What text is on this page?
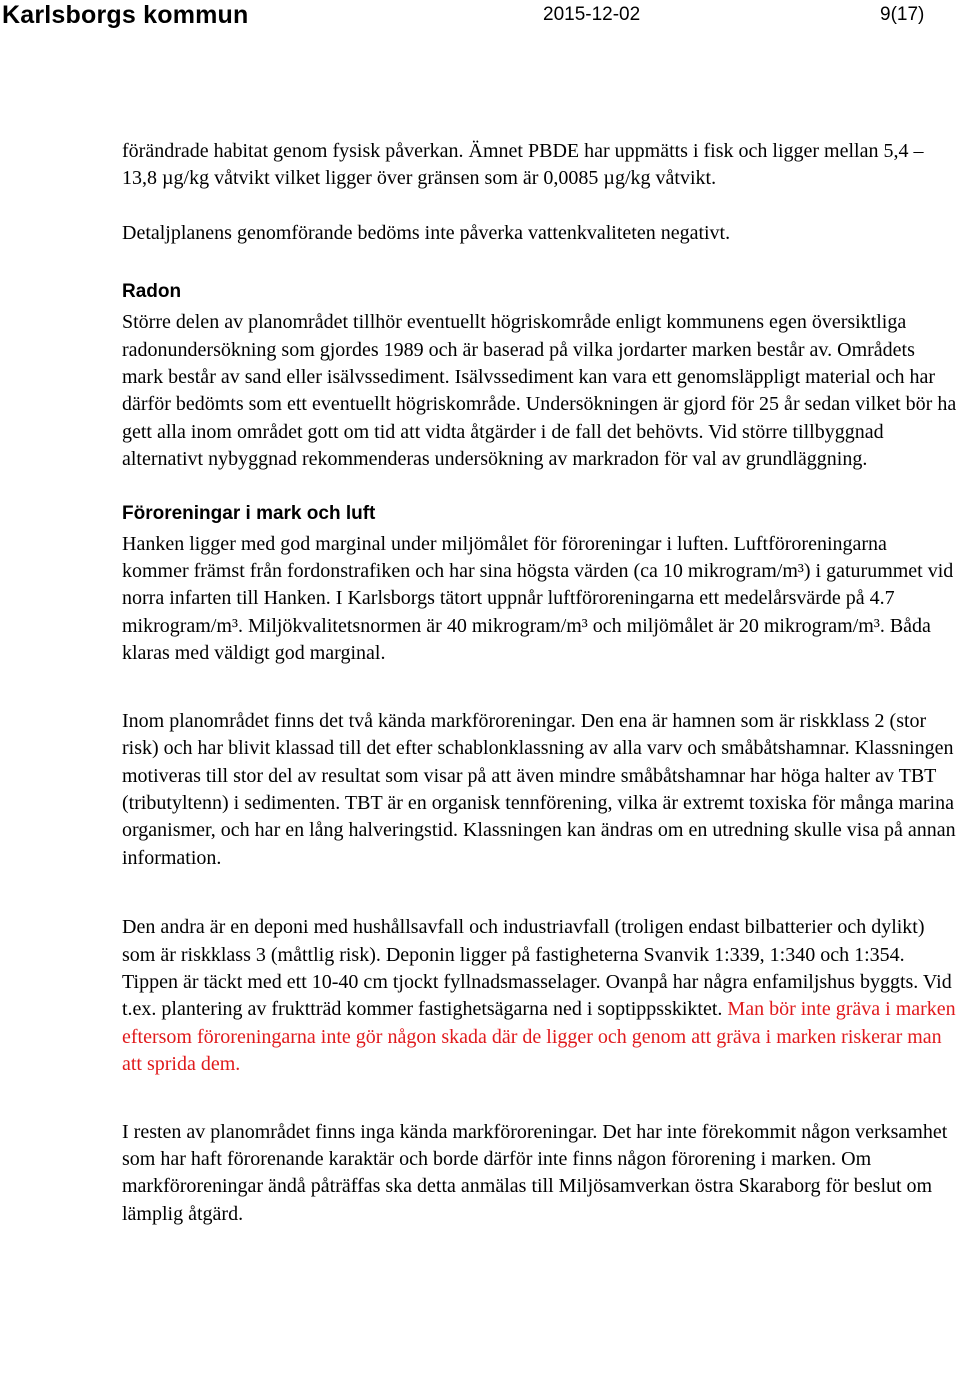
Karlsborgs kommun	2015-12-02	9(17)

förändrade habitat genom fysisk påverkan. Ämnet PBDE har uppmätts i fisk och ligger mellan 5,4 – 13,8 µg/kg våtvikt vilket ligger över gränsen som är 0,0085 µg/kg våtvikt.

Detaljplanens genomförande bedöms inte påverka vattenkvaliteten negativt.

Radon

Större delen av planområdet tillhör eventuellt högriskområde enligt kommunens egen översiktliga radonundersökning som gjordes 1989 och är baserad på vilka jordarter marken består av. Områdets mark består av sand eller isälvssediment. Isälvssediment kan vara ett genomsläppligt material och har därför bedömts som ett eventuellt högriskområde. Undersökningen är gjord för 25 år sedan vilket bör ha gett alla inom området gott om tid att vidta åtgärder i de fall det behövts. Vid större tillbyggnad alternativt nybyggnad rekommenderas undersökning av markradon för val av grundläggning.

Föroreningar i mark och luft

Hanken ligger med god marginal under miljömålet för föroreningar i luften. Luftföroreningarna kommer främst från fordonstrafiken och har sina högsta värden (ca 10 mikrogram/m³) i gaturummet vid norra infarten till Hanken. I Karlsborgs tätort uppnår luftföroreningarna ett medelårsvärde på 4.7 mikrogram/m³. Miljökvalitetsnormen är 40 mikrogram/m³ och miljömålet är 20 mikrogram/m³. Båda klaras med väldigt god marginal.

Inom planområdet finns det två kända markföroreningar. Den ena är hamnen som är riskklass 2 (stor risk) och har blivit klassad till det efter schablonklassning av alla varv och småbåtshamnar. Klassningen motiveras till stor del av resultat som visar på att även mindre småbåtshamnar har höga halter av TBT (tributyltenn) i sedimenten. TBT är en organisk tennförening, vilka är extremt toxiska för många marina organismer, och har en lång halveringstid. Klassningen kan ändras om en utredning skulle visa på annan information.

Den andra är en deponi med hushållsavfall och industriavfall (troligen endast bilbatterier och dylikt) som är riskklass 3 (måttlig risk). Deponin ligger på fastigheterna Svanvik 1:339, 1:340 och 1:354. Tippen är täckt med ett 10-40 cm tjockt fyllnadsmasselager. Ovanpå har några enfamiljshus byggts. Vid t.ex. plantering av fruktträd kommer fastighetsägarna ned i soptippsskiktet. Man bör inte gräva i marken eftersom föroreningarna inte gör någon skada där de ligger och genom att gräva i marken riskerar man att sprida dem.

I resten av planområdet finns inga kända markföroreningar. Det har inte förekommit någon verksamhet som har haft förorenande karaktär och borde därför inte finns någon förorening i marken. Om markföroreningar ändå påträffas ska detta anmälas till Miljösamverkan östra Skaraborg för beslut om lämplig åtgärd.
